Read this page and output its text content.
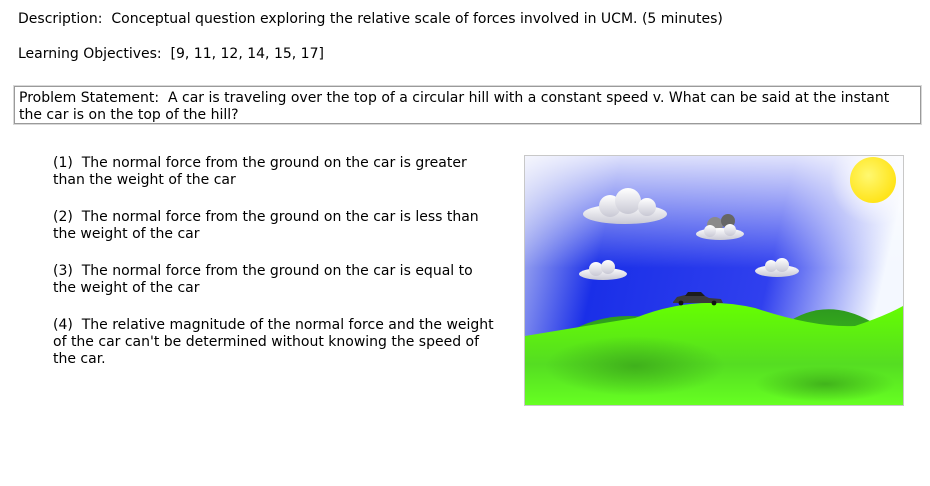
Description: Conceptual question exploring the relative scale of forces involved in UCM. (5 minutes)
Learning Objectives: [9, 11, 12, 14, 15, 17]
Problem Statement: A car is traveling over the top of a circular hill with a constant speed v. What can be said at the instant the car is on the top of the hill?
(1) The normal force from the ground on the car is greater
than the weight of the car
(2) The normal force from the ground on the car is less than
the weight of the car
(3) The normal force from the ground on the car is equal to
the weight of the car
(4) The relative magnitude of the normal force and the weight
of the car can't be determined without knowing the speed of
the car.
